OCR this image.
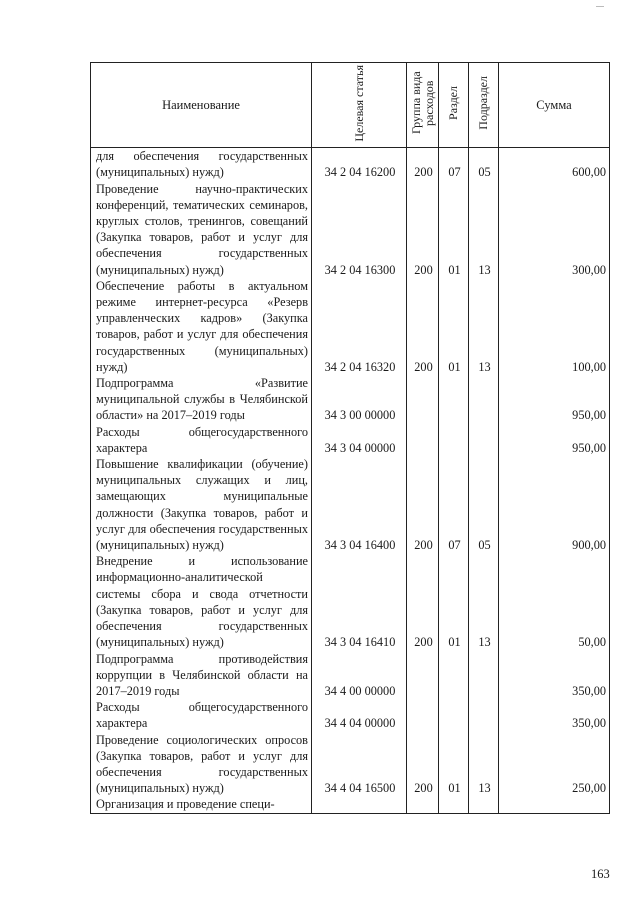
Наименование	Целевая статья	Группа вида расходов	Раздел	Подраздел	Сумма
для обеспечения государственных (муниципальных) нужд)	34 2 04 16200	200	07	05	600,00
Проведение научно-практических конференций, тематических семинаров, круглых столов, тренингов, совещаний (Закупка товаров, работ и услуг для обеспечения государственных (муниципальных) нужд)	34 2 04 16300	200	01	13	300,00
Обеспечение работы в актуальном режиме интернет-ресурса «Резерв управленческих кадров» (Закупка товаров, работ и услуг для обеспечения государственных (муниципальных) нужд)	34 2 04 16320	200	01	13	100,00
Подпрограмма «Развитие муниципальной службы в Челябинской области» на 2017–2019 годы	34 3 00 00000				950,00
Расходы общегосударственного характера	34 3 04 00000				950,00
Повышение квалификации (обучение) муниципальных служащих и лиц, замещающих муниципальные должности (Закупка товаров, работ и услуг для обеспечения государственных (муниципальных) нужд)	34 3 04 16400	200	07	05	900,00
Внедрение и использование информационно-аналитической системы сбора и свода отчетности (Закупка товаров, работ и услуг для обеспечения государственных (муниципальных) нужд)	34 3 04 16410	200	01	13	50,00
Подпрограмма противодействия коррупции в Челябинской области на 2017–2019 годы	34 4 00 00000				350,00
Расходы общегосударственного характера	34 4 04 00000				350,00
Проведение социологических опросов (Закупка товаров, работ и услуг для обеспечения государственных (муниципальных) нужд)	34 4 04 16500	200	01	13	250,00
Организация и проведение специ-					
163
